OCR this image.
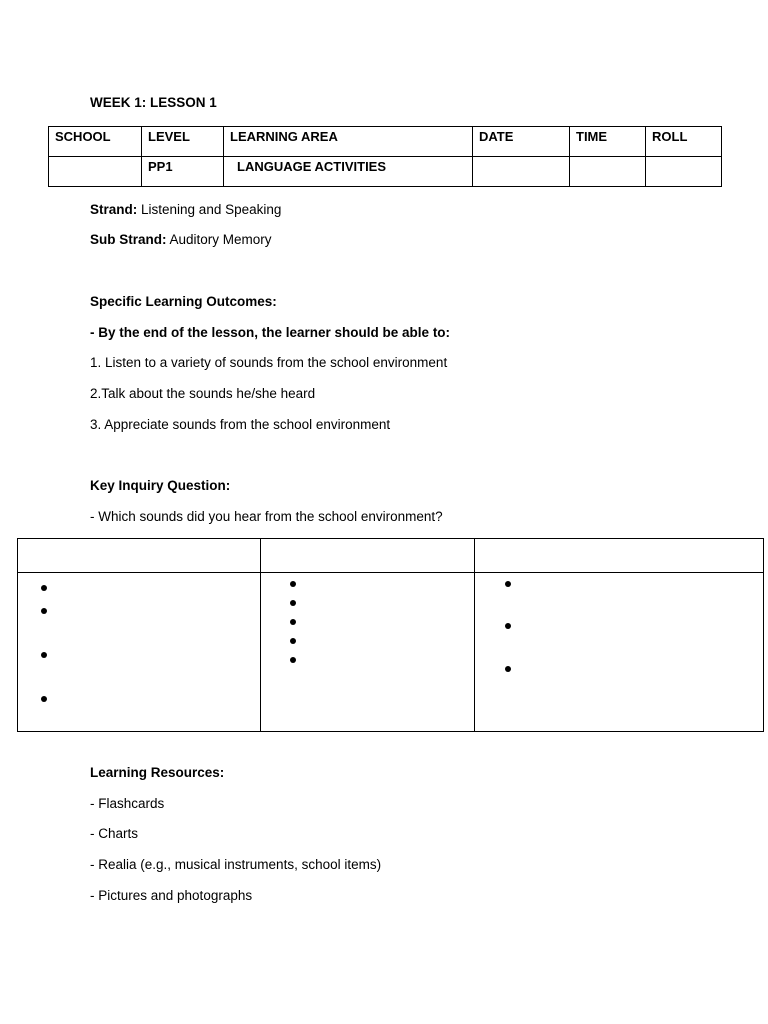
WEEK 1: LESSON 1
SCHOOL	LEVEL	LEARNING AREA	DATE	TIME	ROLL
	PP1	LANGUAGE ACTIVITIES			
Strand: Listening and Speaking
Sub Strand: Auditory Memory
Specific Learning Outcomes:
- By the end of the lesson, the learner should be able to:
1. Listen to a variety of sounds from the school environment
2.Talk about the sounds he/she heard
3. Appreciate sounds from the school environment
Key Inquiry Question:
- Which sounds did you hear from the school environment?

Learning Resources:
- Flashcards
- Charts
- Realia (e.g., musical instruments, school items)
- Pictures and photographs
